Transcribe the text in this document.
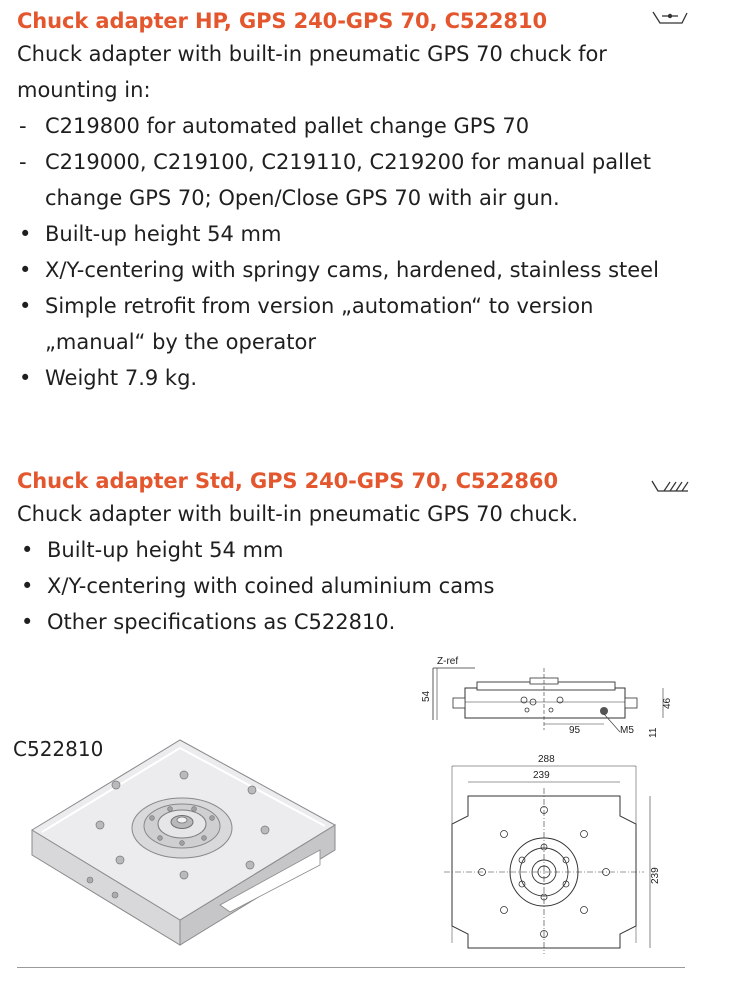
Chuck adapter HP, GPS 240-GPS 70, C522810

Chuck adapter with built-in pneumatic GPS 70 chuck for mounting in:

- C219800 for automated pallet change GPS 70
- C219000, C219100, C219110, C219200 for manual pallet change GPS 70; Open/Close GPS 70 with air gun.
• Built-up height 54 mm
• X/Y-centering with springy cams, hardened, stainless steel
• Simple retrofit from version „automation“ to version „manual“ by the operator
• Weight 7.9 kg.
Chuck adapter Std, GPS 240-GPS 70, C522860

Chuck adapter with built-in pneumatic GPS 70 chuck.

• Built-up height 54 mm
• X/Y-centering with coined aluminium cams
• Other specifications as C522810.
C522810
Z-ref
54
95	M5
46
11
288
239
239
